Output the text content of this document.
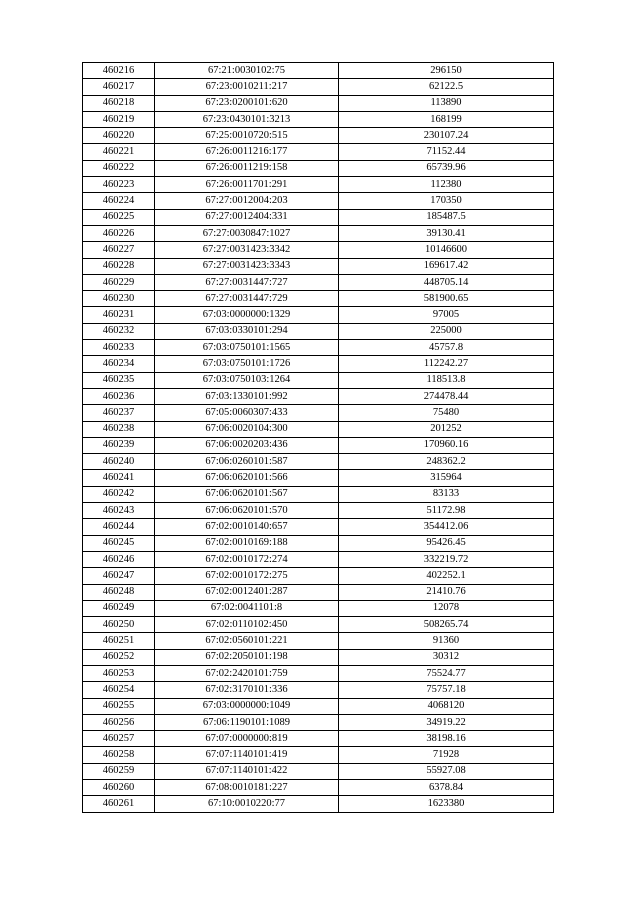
460216	67:21:0030102:75	296150
460217	67:23:0010211:217	62122.5
460218	67:23:0200101:620	113890
460219	67:23:0430101:3213	168199
460220	67:25:0010720:515	230107.24
460221	67:26:0011216:177	71152.44
460222	67:26:0011219:158	65739.96
460223	67:26:0011701:291	112380
460224	67:27:0012004:203	170350
460225	67:27:0012404:331	185487.5
460226	67:27:0030847:1027	39130.41
460227	67:27:0031423:3342	10146600
460228	67:27:0031423:3343	169617.42
460229	67:27:0031447:727	448705.14
460230	67:27:0031447:729	581900.65
460231	67:03:0000000:1329	97005
460232	67:03:0330101:294	225000
460233	67:03:0750101:1565	45757.8
460234	67:03:0750101:1726	112242.27
460235	67:03:0750103:1264	118513.8
460236	67:03:1330101:992	274478.44
460237	67:05:0060307:433	75480
460238	67:06:0020104:300	201252
460239	67:06:0020203:436	170960.16
460240	67:06:0260101:587	248362.2
460241	67:06:0620101:566	315964
460242	67:06:0620101:567	83133
460243	67:06:0620101:570	51172.98
460244	67:02:0010140:657	354412.06
460245	67:02:0010169:188	95426.45
460246	67:02:0010172:274	332219.72
460247	67:02:0010172:275	402252.1
460248	67:02:0012401:287	21410.76
460249	67:02:0041101:8	12078
460250	67:02:0110102:450	508265.74
460251	67:02:0560101:221	91360
460252	67:02:2050101:198	30312
460253	67:02:2420101:759	75524.77
460254	67:02:3170101:336	75757.18
460255	67:03:0000000:1049	4068120
460256	67:06:1190101:1089	34919.22
460257	67:07:0000000:819	38198.16
460258	67:07:1140101:419	71928
460259	67:07:1140101:422	55927.08
460260	67:08:0010181:227	6378.84
460261	67:10:0010220:77	1623380
